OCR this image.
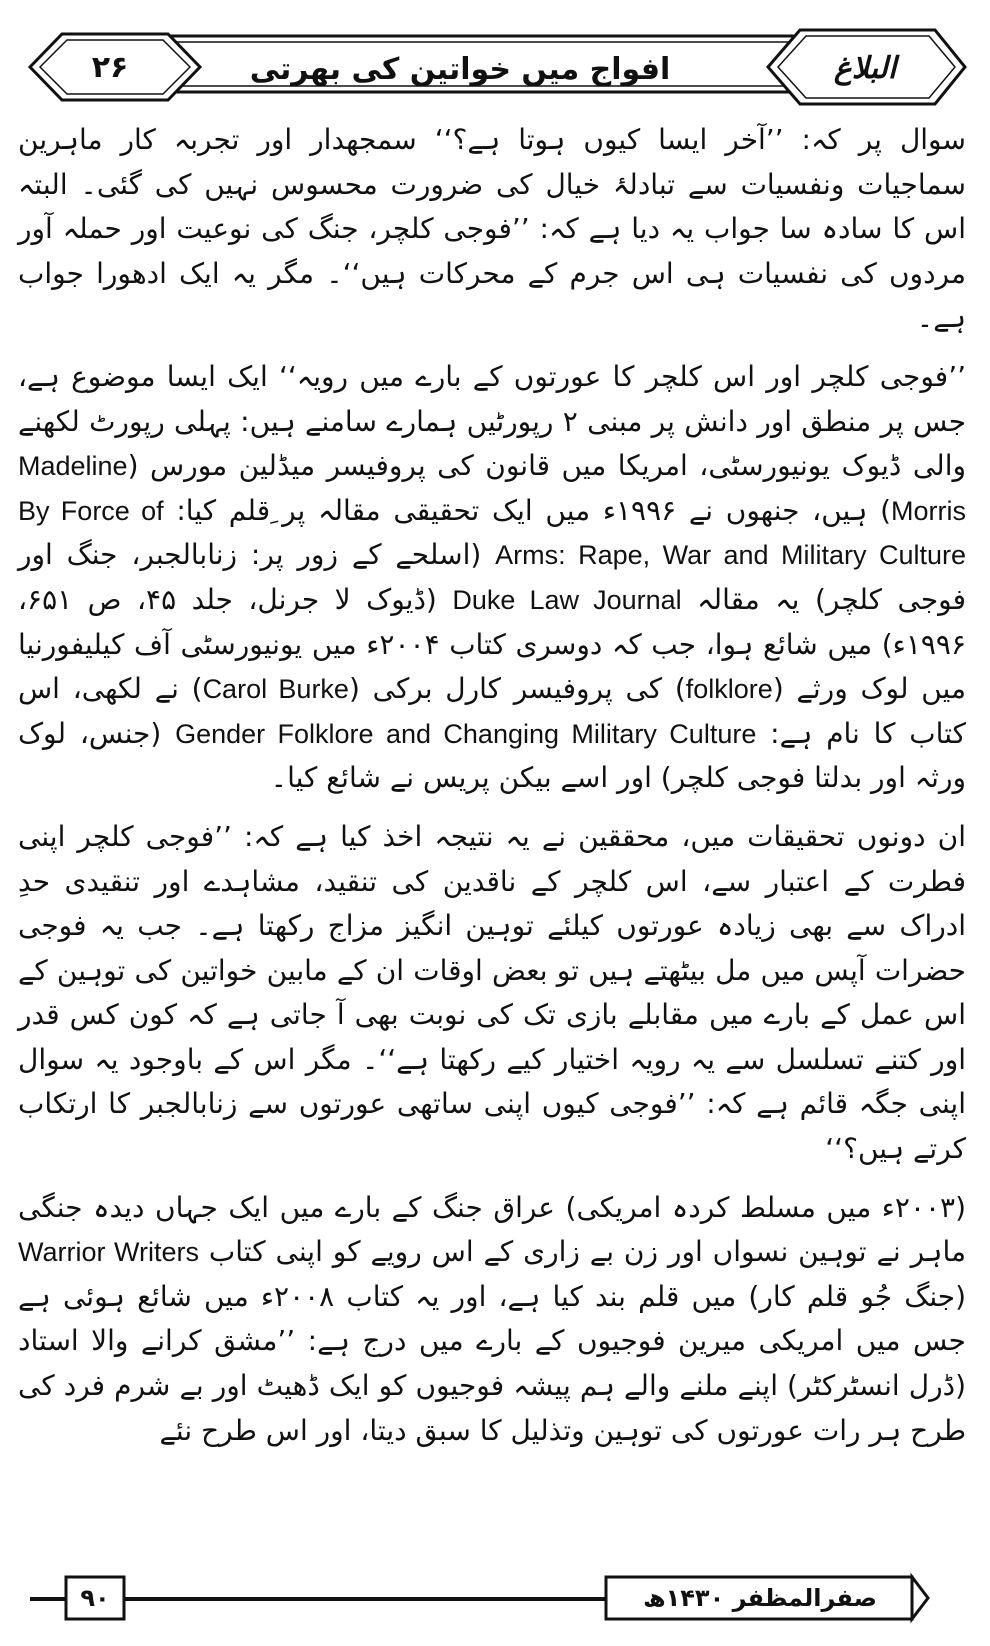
۲۶	افواج میں خواتین کی بھرتی	البلاغ

سوال پر کہ: ’’آخر ایسا کیوں ہوتا ہے؟‘‘ سمجھدار اور تجربہ کار ماہرین سماجیات ونفسیات سے تبادلۂ خیال کی ضرورت محسوس نہیں کی گئی۔ البتہ اس کا سادہ سا جواب یہ دیا ہے کہ: ’’فوجی کلچر، جنگ کی نوعیت اور حملہ آور مردوں کی نفسیات ہی اس جرم کے محرکات ہیں‘‘۔ مگر یہ ایک ادھورا جواب ہے۔

’’فوجی کلچر اور اس کلچر کا عورتوں کے بارے میں رویہ‘‘ ایک ایسا موضوع ہے، جس پر منطق اور دانش پر مبنی ۲ رپورٹیں ہمارے سامنے ہیں: پہلی رپورٹ لکھنے والی ڈیوک یونیورسٹی، امریکا میں قانون کی پروفیسر میڈلین مورس (Madeline Morris) ہیں، جنھوں نے ۱۹۹۶ء میں ایک تحقیقی مقالہ پر ِقلم کیا: By Force of Arms: Rape, War and Military Culture (اسلحے کے زور پر: زنابالجبر، جنگ اور فوجی کلچر) یہ مقالہ Duke Law Journal (ڈیوک لا جرنل، جلد ۴۵، ص ۶۵۱، ۱۹۹۶ء) میں شائع ہوا، جب کہ دوسری کتاب ۲۰۰۴ء میں یونیورسٹی آف کیلیفورنیا میں لوک ورثے (folklore) کی پروفیسر کارل برکی (Carol Burke) نے لکھی، اس کتاب کا نام ہے: Gender Folklore and Changing Military Culture (جنس، لوک ورثہ اور بدلتا فوجی کلچر) اور اسے بیکن پریس نے شائع کیا۔

ان دونوں تحقیقات میں، محققین نے یہ نتیجہ اخذ کیا ہے کہ: ’’فوجی کلچر اپنی فطرت کے اعتبار سے، اس کلچر کے ناقدین کی تنقید، مشاہدے اور تنقیدی حدِ ادراک سے بھی زیادہ عورتوں کیلئے توہین انگیز مزاج رکھتا ہے۔ جب یہ فوجی حضرات آپس میں مل بیٹھتے ہیں تو بعض اوقات ان کے مابین خواتین کی توہین کے اس عمل کے بارے میں مقابلے بازی تک کی نوبت بھی آ جاتی ہے کہ کون کس قدر اور کتنے تسلسل سے یہ رویہ اختیار کیے رکھتا ہے‘‘۔ مگر اس کے باوجود یہ سوال اپنی جگہ قائم ہے کہ: ’’فوجی کیوں اپنی ساتھی عورتوں سے زنابالجبر کا ارتکاب کرتے ہیں؟‘‘

(۲۰۰۳ء میں مسلط کردہ امریکی) عراق جنگ کے بارے میں ایک جہاں دیدہ جنگی ماہر نے توہین نسواں اور زن بے زاری کے اس رویے کو اپنی کتاب Warrior Writers (جنگ جُو قلم کار) میں قلم بند کیا ہے، اور یہ کتاب ۲۰۰۸ء میں شائع ہوئی ہے جس میں امریکی میرین فوجیوں کے بارے میں درج ہے: ’’مشق کرانے والا استاد (ڈرل انسٹرکٹر) اپنے ملنے والے ہم پیشہ فوجیوں کو ایک ڈھیٹ اور بے شرم فرد کی طرح ہر رات عورتوں کی توہین وتذلیل کا سبق دیتا، اور اس طرح نئے

۹۰	صفرالمظفر ۱۴۳۰ھ
